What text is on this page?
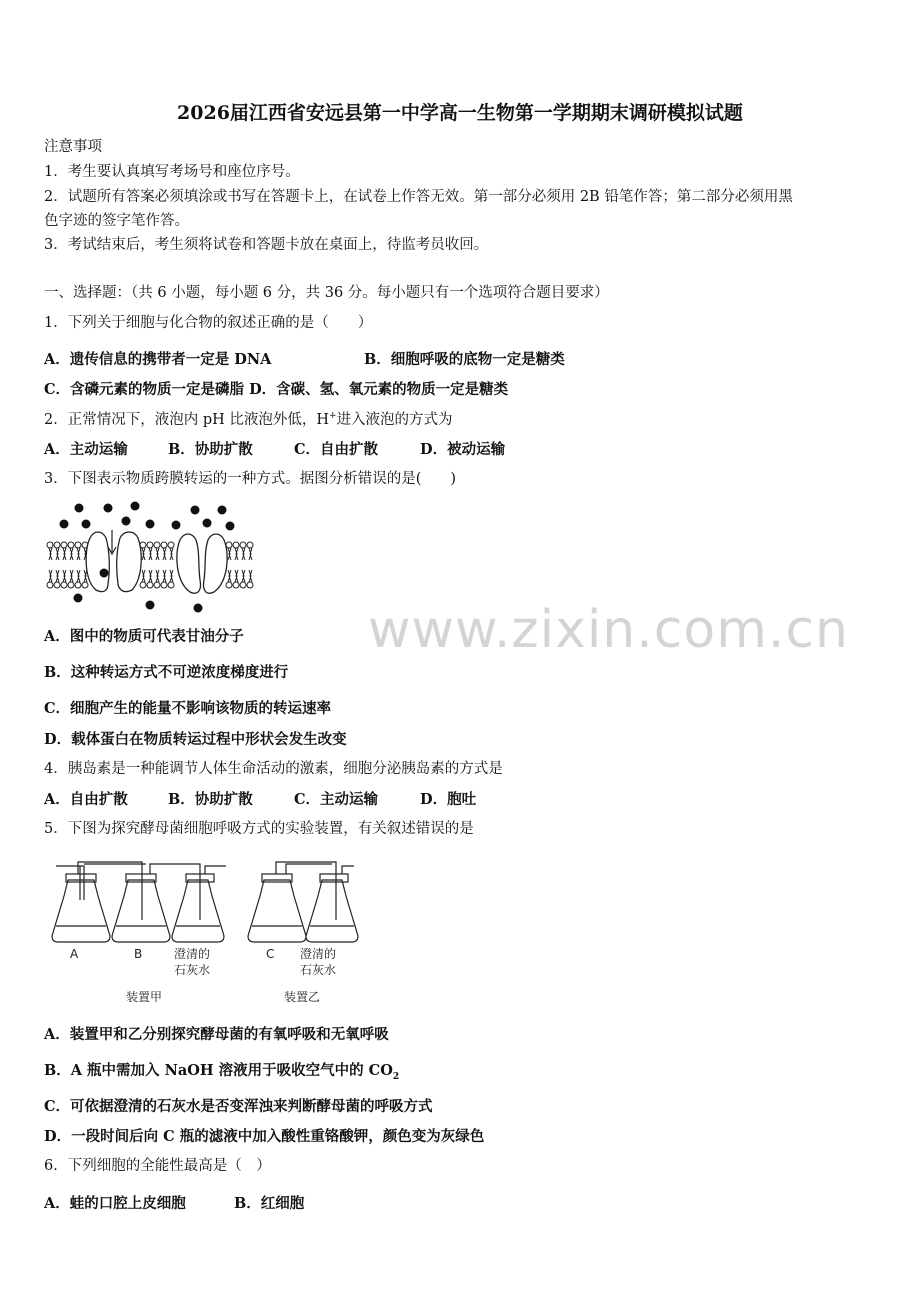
2026届江西省安远县第一中学高一生物第一学期期末调研模拟试题
注意事项
1．考生要认真填写考场号和座位序号。
2．试题所有答案必须填涂或书写在答题卡上，在试卷上作答无效。第一部分必须用 2B 铅笔作答；第二部分必须用黑
色字迹的签字笔作答。
3．考试结束后，考生须将试卷和答题卡放在桌面上，待监考员收回。
一、选择题：（共 6 小题，每小题 6 分，共 36 分。每小题只有一个选项符合题目要求）
1．下列关于细胞与化合物的叙述正确的是（　　）
A．遗传信息的携带者一定是 DNA	B．细胞呼吸的底物一定是糖类
C．含磷元素的物质一定是磷脂 D．含碳、氢、氧元素的物质一定是糖类
2．正常情况下，液泡内 pH 比液泡外低，H+进入液泡的方式为
A．主动运输	B．协助扩散	C．自由扩散	D．被动运输
3．下图表示物质跨膜转运的一种方式。据图分析错误的是(　　)
A．图中的物质可代表甘油分子
B．这种转运方式不可逆浓度梯度进行
C．细胞产生的能量不影响该物质的转运速率
D．载体蛋白在物质转运过程中形状会发生改变
4．胰岛素是一种能调节人体生命活动的激素，细胞分泌胰岛素的方式是
A．自由扩散	B．协助扩散	C．主动运输	D．胞吐
5．下图为探究酵母菌细胞呼吸方式的实验装置，有关叙述错误的是
A	B	C
澄清的
石灰水
澄清的
石灰水
装置甲	装置乙
A．装置甲和乙分别探究酵母菌的有氧呼吸和无氧呼吸
B．A 瓶中需加入 NaOH 溶液用于吸收空气中的 $CO_2$
C．可依据澄清的石灰水是否变浑浊来判断酵母菌的呼吸方式
D．一段时间后向 C 瓶的滤液中加入酸性重铬酸钾，颜色变为灰绿色
6．下列细胞的全能性最高是（　）
A．蛙的口腔上皮细胞	B．红细胞
www.zixin.com.cn
